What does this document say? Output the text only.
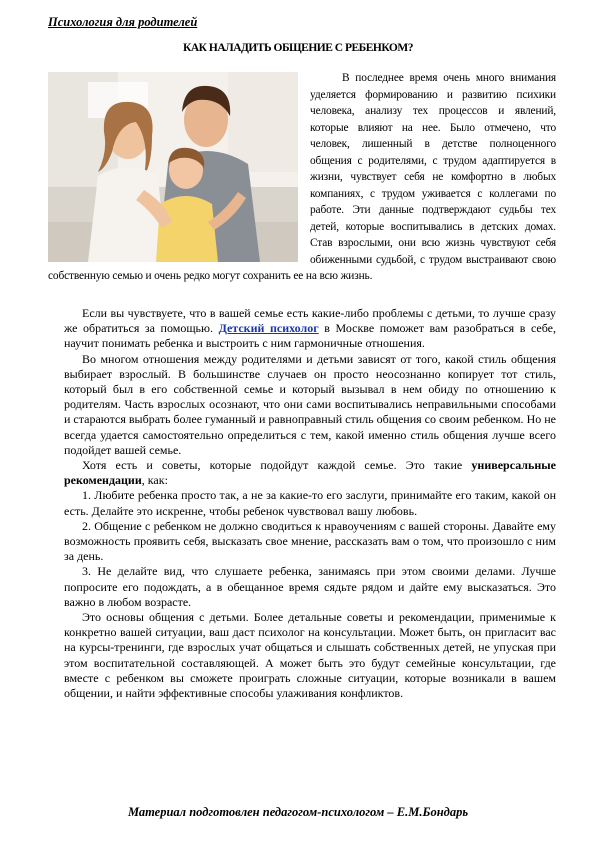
Психология для родителей
КАК НАЛАДИТЬ ОБЩЕНИЕ С РЕБЕНКОМ?

В последнее время очень много внимания уделяется формированию и развитию психики человека, анализу тех процессов и явлений, которые влияют на нее. Было отмечено, что человек, лишенный в детстве полноценного общения с родителями, с трудом адаптируется в жизни, чувствует себя не комфортно в любых компаниях, с трудом уживается с коллегами по работе. Эти данные подтверждают судьбы тех детей, которые воспитывались в детских домах. Став взрослыми, они всю жизнь чувствуют себя обиженными судьбой, с трудом выстраивают свою собственную семью и очень редко могут сохранить ее на всю жизнь.

Если вы чувствуете, что в вашей семье есть какие-либо проблемы с детьми, то лучше сразу же обратиться за помощью. Детский психолог в Москве поможет вам разобраться в себе, научит понимать ребенка и выстроить с ним гармоничные отношения.

Во многом отношения между родителями и детьми зависят от того, какой стиль общения выбирает взрослый. В большинстве случаев он просто неосознанно копирует тот стиль, который был в его собственной семье и который вызывал в нем обиду по отношению к родителям. Часть взрослых осознают, что они сами воспитывались неправильными способами и стараются выбрать более гуманный и равноправный стиль общения со своим ребенком. Но не всегда удается самостоятельно определиться с тем, какой именно стиль общения лучше всего подойдет вашей семье.

Хотя есть и советы, которые подойдут каждой семье. Это такие универсальные рекомендации, как:

1. Любите ребенка просто так, а не за какие-то его заслуги, принимайте его таким, какой он есть. Делайте это искренне, чтобы ребенок чувствовал вашу любовь.

2. Общение с ребенком не должно сводиться к нравоучениям с вашей стороны. Давайте ему возможность проявить себя, высказать свое мнение, рассказать вам о том, что произошло с ним за день.

3. Не делайте вид, что слушаете ребенка, занимаясь при этом своими делами. Лучше попросите его подождать, а в обещанное время сядьте рядом и дайте ему высказаться. Это важно в любом возрасте.

Это основы общения с детьми. Более детальные советы и рекомендации, применимые к конкретно вашей ситуации, ваш даст психолог на консультации. Может быть, он пригласит вас на курсы-тренинги, где взрослых учат общаться и слышать собственных детей, не упуская при этом воспитательной составляющей. А может быть это будут семейные консультации, где вместе с ребенком вы сможете проиграть сложные ситуации, которые возникали в вашем общении, и найти эффективные способы улаживания конфликтов.

Материал подготовлен педагогом-психологом – Е.М.Бондарь
